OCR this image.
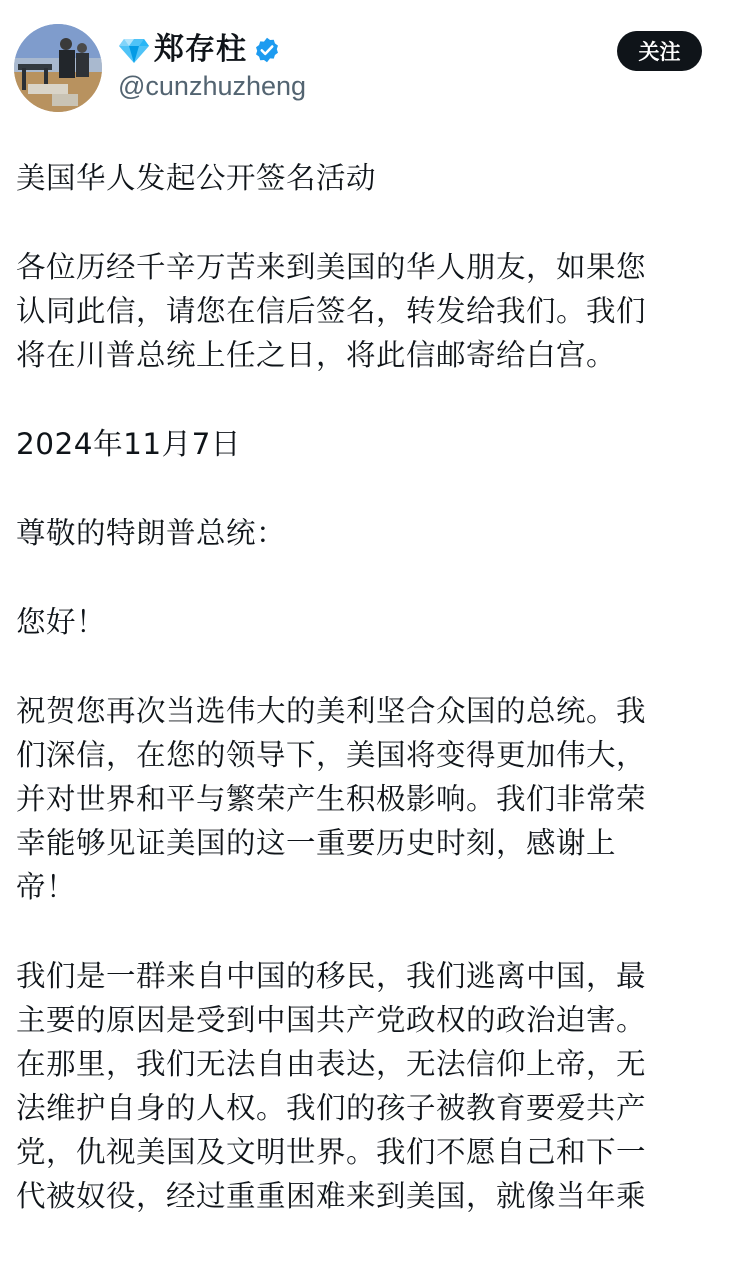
郑存柱
@cunzhuzheng
关注

美国华人发起公开签名活动

各位历经千辛万苦来到美国的华人朋友，如果您
认同此信，请您在信后签名，转发给我们。我们
将在川普总统上任之日，将此信邮寄给白宫。

2024年11月7日

尊敬的特朗普总统：

您好！

祝贺您再次当选伟大的美利坚合众国的总统。我
们深信，在您的领导下，美国将变得更加伟大，
并对世界和平与繁荣产生积极影响。我们非常荣
幸能够见证美国的这一重要历史时刻，感谢上
帝！

我们是一群来自中国的移民，我们逃离中国，最
主要的原因是受到中国共产党政权的政治迫害。
在那里，我们无法自由表达，无法信仰上帝，无
法维护自身的人权。我们的孩子被教育要爱共产
党，仇视美国及文明世界。我们不愿自己和下一
代被奴役，经过重重困难来到美国，就像当年乘
